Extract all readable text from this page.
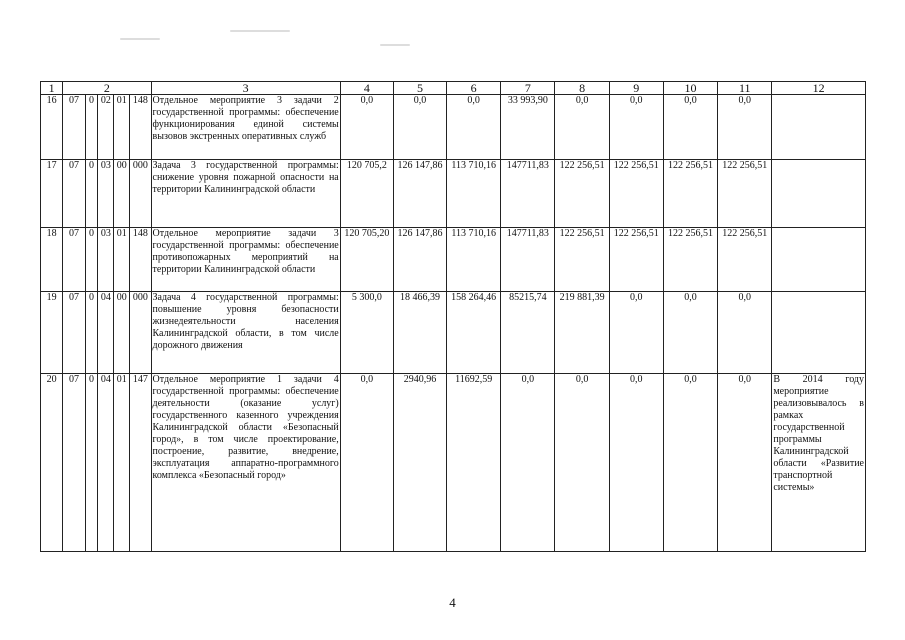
1	2					3	4	5	6	7	8	9	10	11	12
16	07	0	02	01	148	Отдельное мероприятие 3 задачи 2 государственной программы: обеспечение функционирования единой системы вызовов экстренных оперативных служб	0,0	0,0	0,0	33 993,90	0,0	0,0	0,0	0,0	
17	07	0	03	00	000	Задача 3 государственной программы: снижение уровня пожарной опасности на территории Калининградской области	120 705,2	126 147,86	113 710,16	147711,83	122 256,51	122 256,51	122 256,51	122 256,51	
18	07	0	03	01	148	Отдельное мероприятие задачи 3 государственной программы: обеспечение противопожарных мероприятий на территории Калининградской области	120 705,20	126 147,86	113 710,16	147711,83	122 256,51	122 256,51	122 256,51	122 256,51	
19	07	0	04	00	000	Задача 4 государственной программы: повышение уровня безопасности жизнедеятельности населения Калининградской области, в том числе дорожного движения	5 300,0	18 466,39	158 264,46	85215,74	219 881,39	0,0	0,0	0,0	
20	07	0	04	01	147	Отдельное мероприятие 1 задачи 4 государственной программы: обеспечение деятельности (оказание услуг) государственного казенного учреждения Калининградской области «Безопасный город», в том числе проектирование, построение, развитие, внедрение, эксплуатация аппаратно-программного комплекса «Безопасный город»	0,0	2940,96	11692,59	0,0	0,0	0,0	0,0	0,0	В 2014 году мероприятие реализовывалось в рамках государственной программы Калининградской области «Развитие транспортной системы»
4
